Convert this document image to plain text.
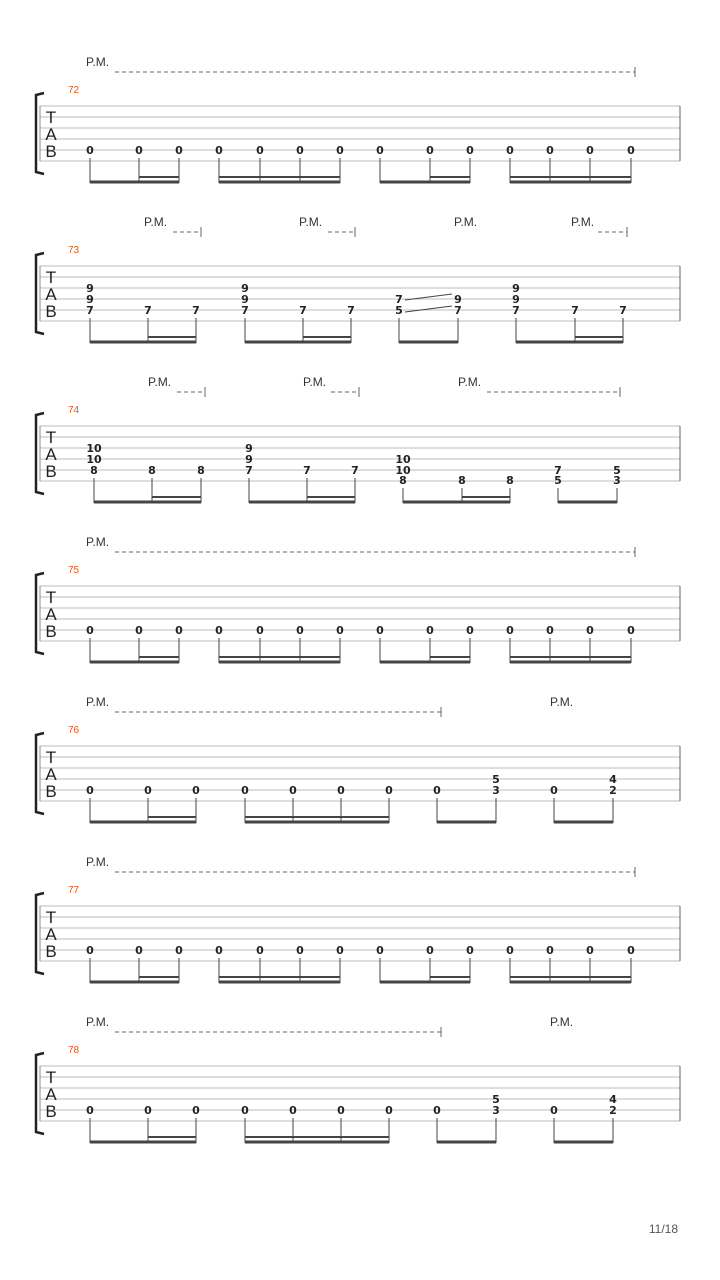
T
A
B
72
P.M.
0	0	0	0	0	0	0	0	0	0	0	0	0	0
T
A
B
73
P.M.	P.M.	P.M.	P.M.
9
9
7	7	7
9
9
7	7	7
7
5
9
7
9
9
7	7	7
T
A
B
74
P.M.	P.M.	P.M.
10
10
8	8	8
9
9
7	7	7
10
10
8	8	8
7
5
5
3
T
A
B
75
P.M.
0	0	0	0	0	0	0	0	0	0	0	0	0	0
T
A
B
76
P.M.	P.M.
0	0	0	0	0	0	0	0
5
3	0
4
2
T
A
B
77
P.M.
0	0	0	0	0	0	0	0	0	0	0	0	0	0
T
A
B
78
P.M.	P.M.
0	0	0	0	0	0	0	0
5
3	0
4
2
11/18
